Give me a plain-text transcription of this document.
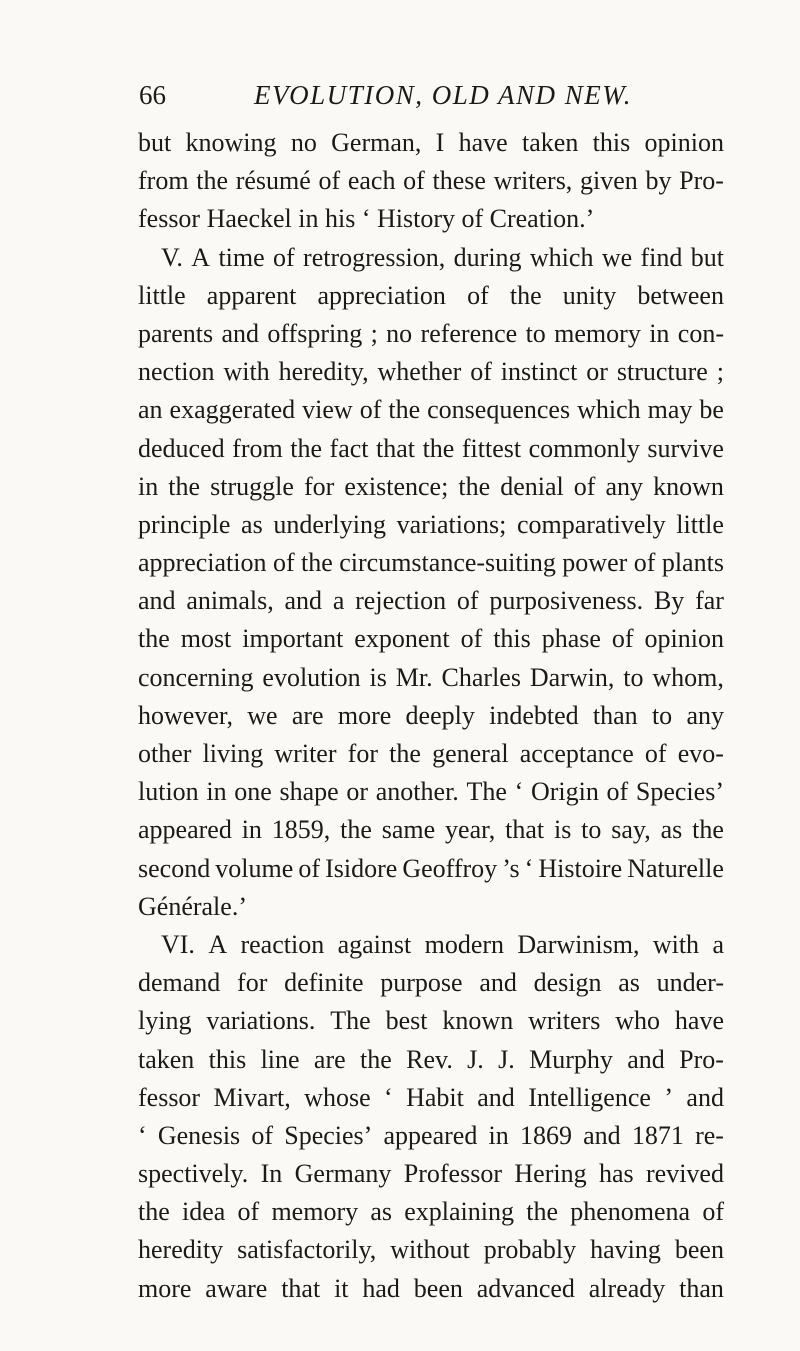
66	EVOLUTION, OLD AND NEW.
but knowing no German, I have taken this opinion
from the résumé of each of these writers, given by Pro-
fessor Haeckel in his ‘ History of Creation.’
V. A time of retrogression, during which we find but
little apparent appreciation of the unity between
parents and offspring ; no reference to memory in con-
nection with heredity, whether of instinct or structure ;
an exaggerated view of the consequences which may be
deduced from the fact that the fittest commonly survive
in the struggle for existence; the denial of any known
principle as underlying variations; comparatively little
appreciation of the circumstance-suiting power of plants
and animals, and a rejection of purposiveness. By far
the most important exponent of this phase of opinion
concerning evolution is Mr. Charles Darwin, to whom,
however, we are more deeply indebted than to any
other living writer for the general acceptance of evo-
lution in one shape or another. The ‘ Origin of Species’
appeared in 1859, the same year, that is to say, as the
second volume of Isidore Geoffroy ’s ‘ Histoire Naturelle
Générale.’
VI. A reaction against modern Darwinism, with a
demand for definite purpose and design as under-
lying variations. The best known writers who have
taken this line are the Rev. J. J. Murphy and Pro-
fessor Mivart, whose ‘ Habit and Intelligence ’ and
‘ Genesis of Species’ appeared in 1869 and 1871 re-
spectively. In Germany Professor Hering has revived
the idea of memory as explaining the phenomena of
heredity satisfactorily, without probably having been
more aware that it had been advanced already than
